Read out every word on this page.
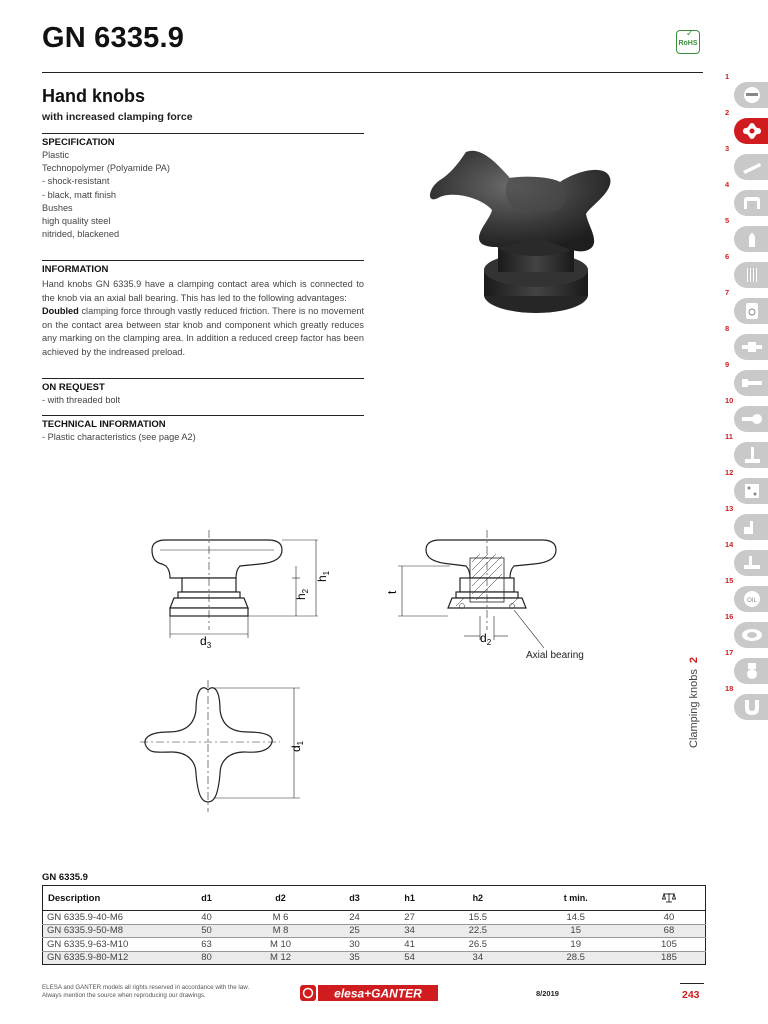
GN 6335.9	✓
RoHS
Hand knobs
with increased clamping force
SPECIFICATION

Plastic

Technopolymer (Polyamide PA)

- shock-resistant

- black, matt finish

Bushes

high quality steel

nitrided, blackened

INFORMATION

Hand knobs GN 6335.9 have a clamping contact area which is connected to the knob via an axial ball bearing. This has led to the following advantages:

Doubled clamping force through vastly reduced friction. There is no movement on the contact area between star knob and component which greatly reduces any marking on the clamping area. In addition a reduced creep factor has been achieved by the indreased preload.

ON REQUEST
- with threaded bolt
TECHNICAL INFORMATION
- Plastic characteristics (see page A2)
$d_3$
$h_2$
$h_1$
t
$d_2$
Axial bearing
$d_1$
GN 6335.9
Description	d1	d2	d3	h1	h2	t min.	
GN 6335.9-40-M6	40	M 6	24	27	15.5	14.5	40
GN 6335.9-50-M8	50	M 8	25	34	22.5	15	68
GN 6335.9-63-M10	63	M 10	30	41	26.5	19	105
GN 6335.9-80-M12	80	M 12	35	54	34	28.5	185
ELESA and GANTER models all rights reserved in accordance with the law.
Always mention the source when reproducing our drawings.	elesa+GANTER	8/2019	243
1
2
3
4
5
6
7
8
9
10
11
12
13
14
15
OIL
16
17
18
Clamping knobs2
